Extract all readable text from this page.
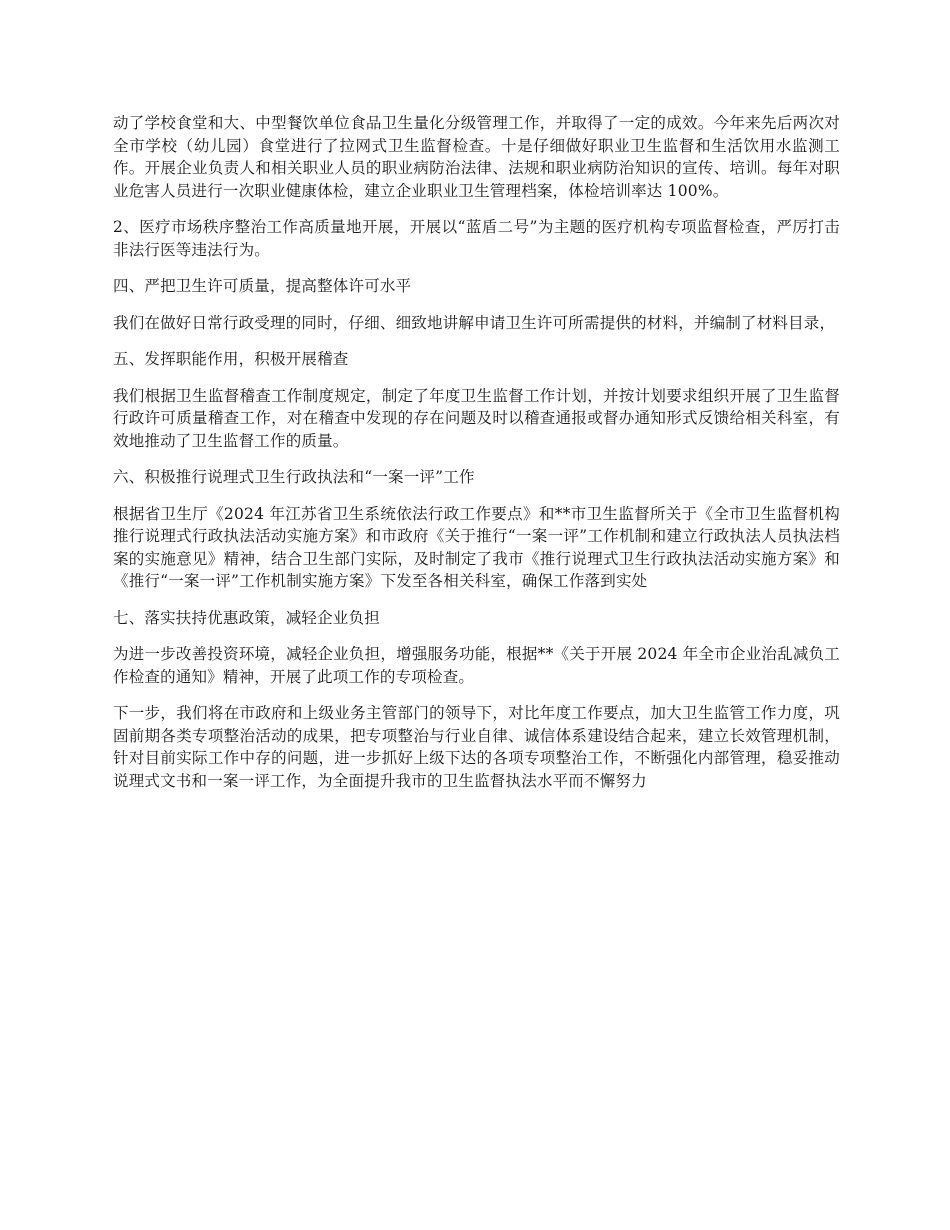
动了学校食堂和大、中型餐饮单位食品卫生量化分级管理工作，并取得了一定的成效。今年来先后两次对全市学校（幼儿园）食堂进行了拉网式卫生监督检查。十是仔细做好职业卫生监督和生活饮用水监测工作。开展企业负责人和相关职业人员的职业病防治法律、法规和职业病防治知识的宣传、培训。每年对职业危害人员进行一次职业健康体检，建立企业职业卫生管理档案，体检培训率达 100%。

2、医疗市场秩序整治工作高质量地开展，开展以“蓝盾二号”为主题的医疗机构专项监督检查，严厉打击非法行医等违法行为。

四、严把卫生许可质量，提高整体许可水平

我们在做好日常行政受理的同时，仔细、细致地讲解申请卫生许可所需提供的材料，并编制了材料目录，

五、发挥职能作用，积极开展稽查

我们根据卫生监督稽查工作制度规定，制定了年度卫生监督工作计划，并按计划要求组织开展了卫生监督行政许可质量稽查工作，对在稽查中发现的存在问题及时以稽查通报或督办通知形式反馈给相关科室，有效地推动了卫生监督工作的质量。

六、积极推行说理式卫生行政执法和“一案一评”工作

根据省卫生厅《2024 年江苏省卫生系统依法行政工作要点》和**市卫生监督所关于《全市卫生监督机构推行说理式行政执法活动实施方案》和市政府《关于推行“一案一评”工作机制和建立行政执法人员执法档案的实施意见》精神，结合卫生部门实际，及时制定了我市《推行说理式卫生行政执法活动实施方案》和《推行“一案一评”工作机制实施方案》下发至各相关科室，确保工作落到实处

七、落实扶持优惠政策，减轻企业负担

为进一步改善投资环境，减轻企业负担，增强服务功能，根据**《关于开展 2024 年全市企业治乱减负工作检查的通知》精神，开展了此项工作的专项检查。

下一步，我们将在市政府和上级业务主管部门的领导下，对比年度工作要点，加大卫生监管工作力度，巩固前期各类专项整治活动的成果，把专项整治与行业自律、诚信体系建设结合起来，建立长效管理机制，针对目前实际工作中存的问题，进一步抓好上级下达的各项专项整治工作，不断强化内部管理，稳妥推动说理式文书和一案一评工作，为全面提升我市的卫生监督执法水平而不懈努力
